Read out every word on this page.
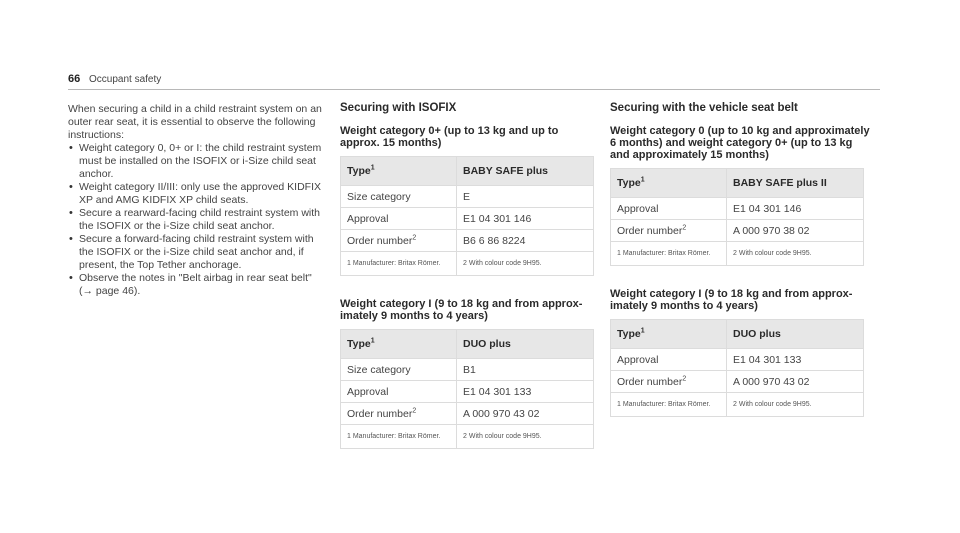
66 Occupant safety

When securing a child in a child restraint system on an outer rear seat, it is essential to observe the following instructions:

• Weight category 0, 0+ or I: the child restraint system must be installed on the ISOFIX or i-Size child seat anchor.
• Weight category II/III: only use the approved KIDFIX XP and AMG KIDFIX XP child seats.
• Secure a rearward-facing child restraint system with the ISOFIX or the i-Size child seat anchor.
• Secure a forward-facing child restraint system with the ISOFIX or the i-Size child seat anchor and, if present, the Top Tether anchorage.
• Observe the notes in "Belt airbag in rear seat belt" (→ page 46).
Securing with ISOFIX
Weight category 0+ (up to 13 kg and up to
approx. 15 months)
Type$^1$	BABY SAFE plus
Size category	E
Approval	E1 04 301 146
Order number$^2$	B6 6 86 8224
1 Manufacturer: Britax Römer.	2 With colour code 9H95.
Weight category I (9 to 18 kg and from approx-
imately 9 months to 4 years)
Type$^1$	DUO plus
Size category	B1
Approval	E1 04 301 133
Order number$^2$	A 000 970 43 02
1 Manufacturer: Britax Römer.	2 With colour code 9H95.
Securing with the vehicle seat belt
Weight category 0 (up to 10 kg and approximately
6 months) and weight category 0+ (up to 13 kg
and approximately 15 months)
Type$^1$	BABY SAFE plus II
Approval	E1 04 301 146
Order number$^2$	A 000 970 38 02
1 Manufacturer: Britax Römer.	2 With colour code 9H95.
Weight category I (9 to 18 kg and from approx-
imately 9 months to 4 years)
Type$^1$	DUO plus
Approval	E1 04 301 133
Order number$^2$	A 000 970 43 02
1 Manufacturer: Britax Römer.	2 With colour code 9H95.
